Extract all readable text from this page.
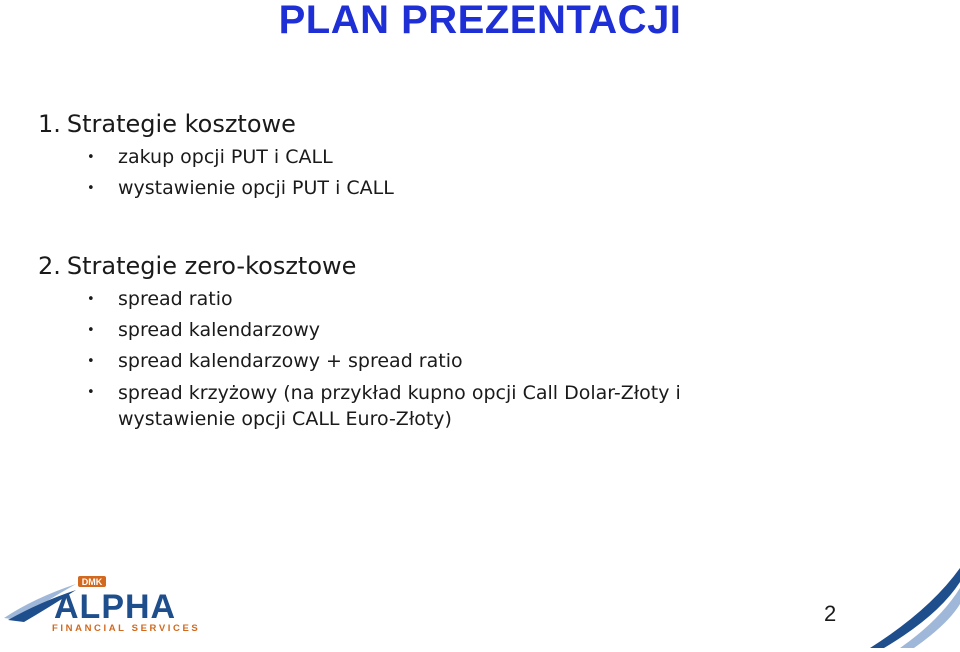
PLAN PREZENTACJI
1. Strategie kosztowe
• zakup opcji PUT i CALL
• wystawienie opcji PUT i CALL
2. Strategie zero-kosztowe
• spread ratio
• spread kalendarzowy
• spread kalendarzowy + spread ratio
• spread krzyżowy (na przykład kupno opcji Call Dolar-Złoty i
wystawienie opcji CALL Euro-Złoty)
DMK
ALPHA
FINANCIAL SERVICES
2
